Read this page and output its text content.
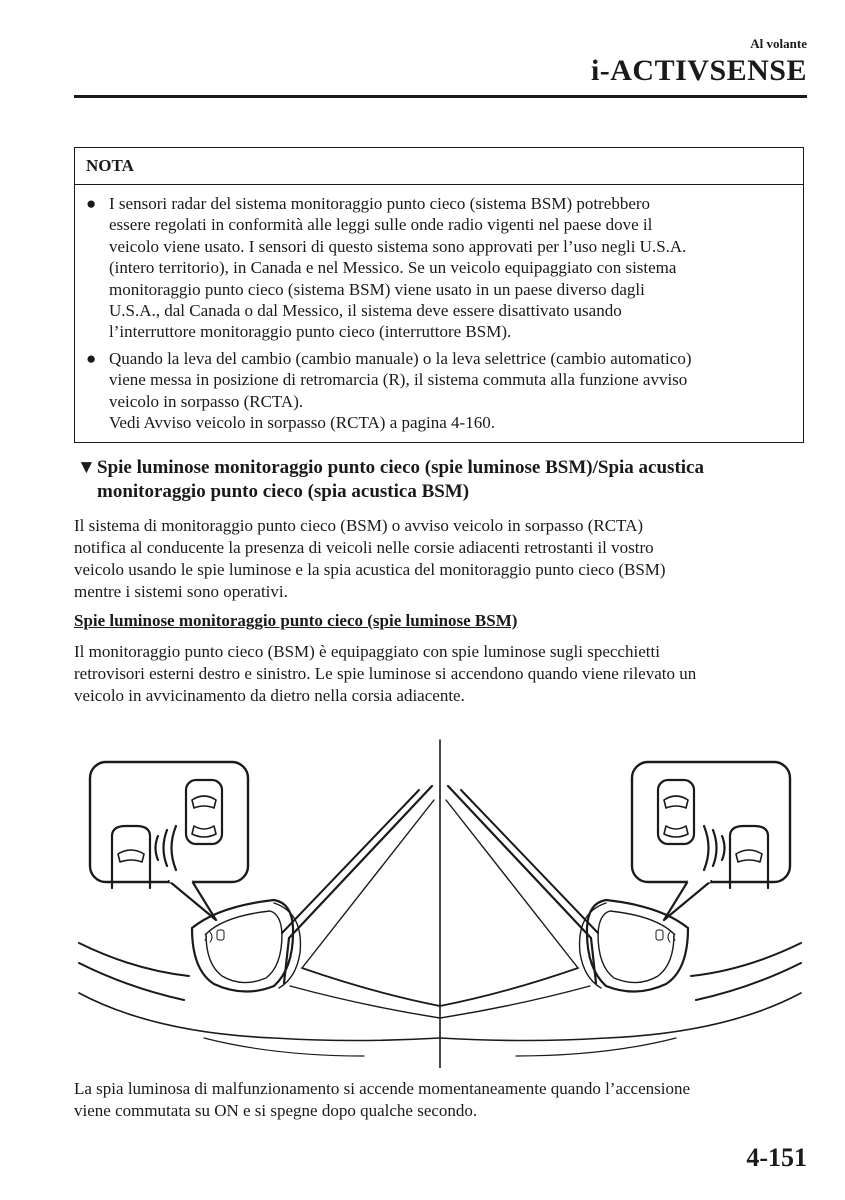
Al volante
i-ACTIVSENSE
NOTA
● I sensori radar del sistema monitoraggio punto cieco (sistema BSM) potrebbero
essere regolati in conformità alle leggi sulle onde radio vigenti nel paese dove il
veicolo viene usato. I sensori di questo sistema sono approvati per l’uso negli U.S.A.
(intero territorio), in Canada e nel Messico. Se un veicolo equipaggiato con sistema
monitoraggio punto cieco (sistema BSM) viene usato in un paese diverso dagli
U.S.A., dal Canada o dal Messico, il sistema deve essere disattivato usando
l’interruttore monitoraggio punto cieco (interruttore BSM).
● Quando la leva del cambio (cambio manuale) o la leva selettrice (cambio automatico)
viene messa in posizione di retromarcia (R), il sistema commuta alla funzione avviso
veicolo in sorpasso (RCTA).
Vedi Avviso veicolo in sorpasso (RCTA) a pagina 4-160.
▼ Spie luminose monitoraggio punto cieco (spie luminose BSM)/Spia acustica
monitoraggio punto cieco (spia acustica BSM)
Il sistema di monitoraggio punto cieco (BSM) o avviso veicolo in sorpasso (RCTA)
notifica al conducente la presenza di veicoli nelle corsie adiacenti retrostanti il vostro
veicolo usando le spie luminose e la spia acustica del monitoraggio punto cieco (BSM)
mentre i sistemi sono operativi.
Spie luminose monitoraggio punto cieco (spie luminose BSM)
Il monitoraggio punto cieco (BSM) è equipaggiato con spie luminose sugli specchietti
retrovisori esterni destro e sinistro. Le spie luminose si accendono quando viene rilevato un
veicolo in avvicinamento da dietro nella corsia adiacente.
La spia luminosa di malfunzionamento si accende momentaneamente quando l’accensione
viene commutata su ON e si spegne dopo qualche secondo.
4-151
